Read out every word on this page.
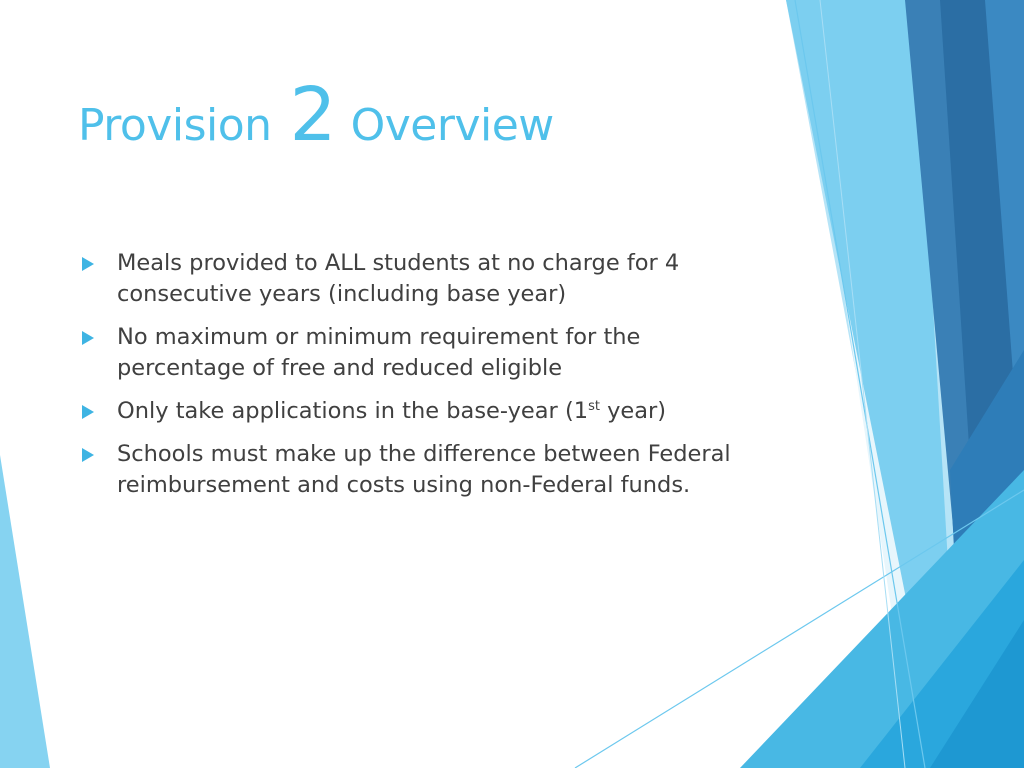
Provision 2 Overview
Meals provided to ALL students at no charge for 4 consecutive years (including base year)
No maximum or minimum requirement for the percentage of free and reduced eligible
Only take applications in the base-year (1st year)
Schools must make up the difference between Federal reimbursement and costs using non-Federal funds.
